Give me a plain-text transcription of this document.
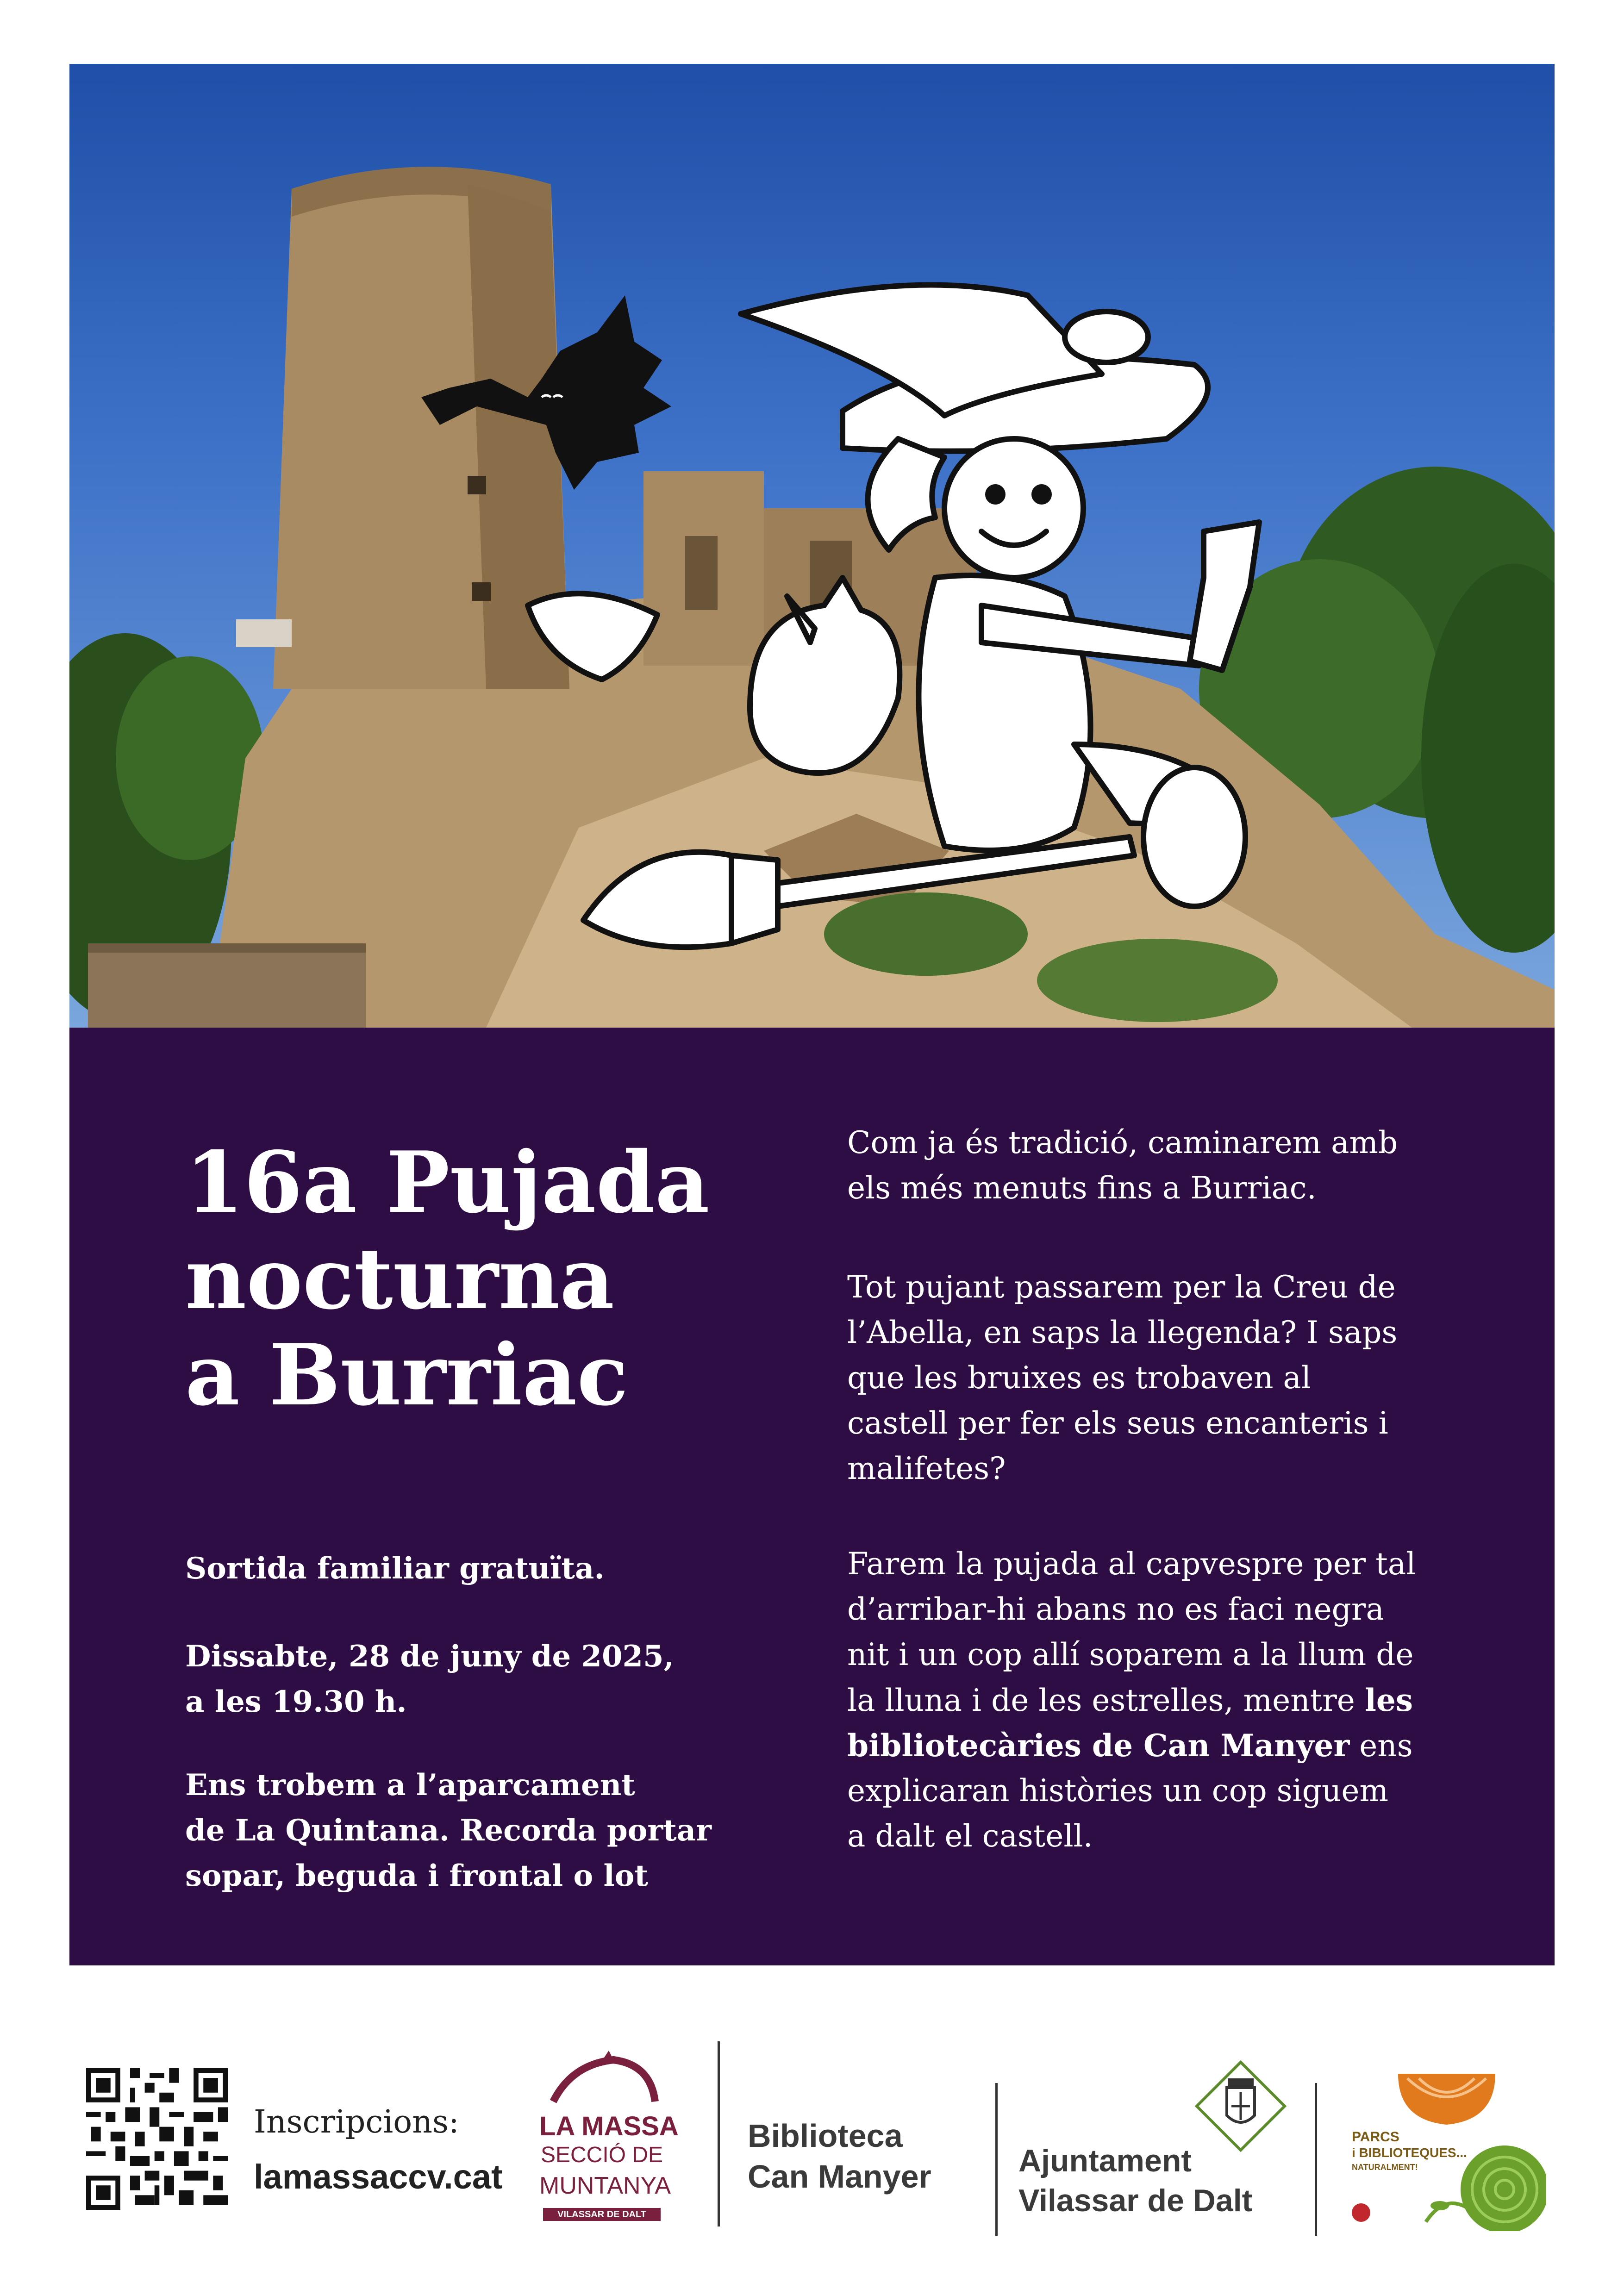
16a Pujada
nocturna
a Burriac
Sortida familiar gratuïta.
Dissabte, 28 de juny de 2025,
a les 19.30 h.
Ens trobem a l’aparcament
de La Quintana. Recorda portar
sopar, beguda i frontal o lot
Com ja és tradició, caminarem amb
els més menuts fins a Burriac.
Tot pujant passarem per la Creu de
l’Abella, en saps la llegenda? I saps
que les bruixes es trobaven al
castell per fer els seus encanteris i
malifetes?
Farem la pujada al capvespre per tal
d’arribar-hi abans no es faci negra
nit i un cop allí soparem a la llum de
la lluna i de les estrelles, mentre les
bibliotecàries de Can Manyer ens
explicaran històries un cop siguem
a dalt el castell.
Inscripcions:
lamassaccv.cat
LA MASSA
SECCIÓ DE
MUNTANYA
VILASSAR DE DALT
Biblioteca
Can Manyer	Ajuntament
Vilassar de Dalt
PARCS
i BIBLIOTEQUES...
NATURALMENT!
